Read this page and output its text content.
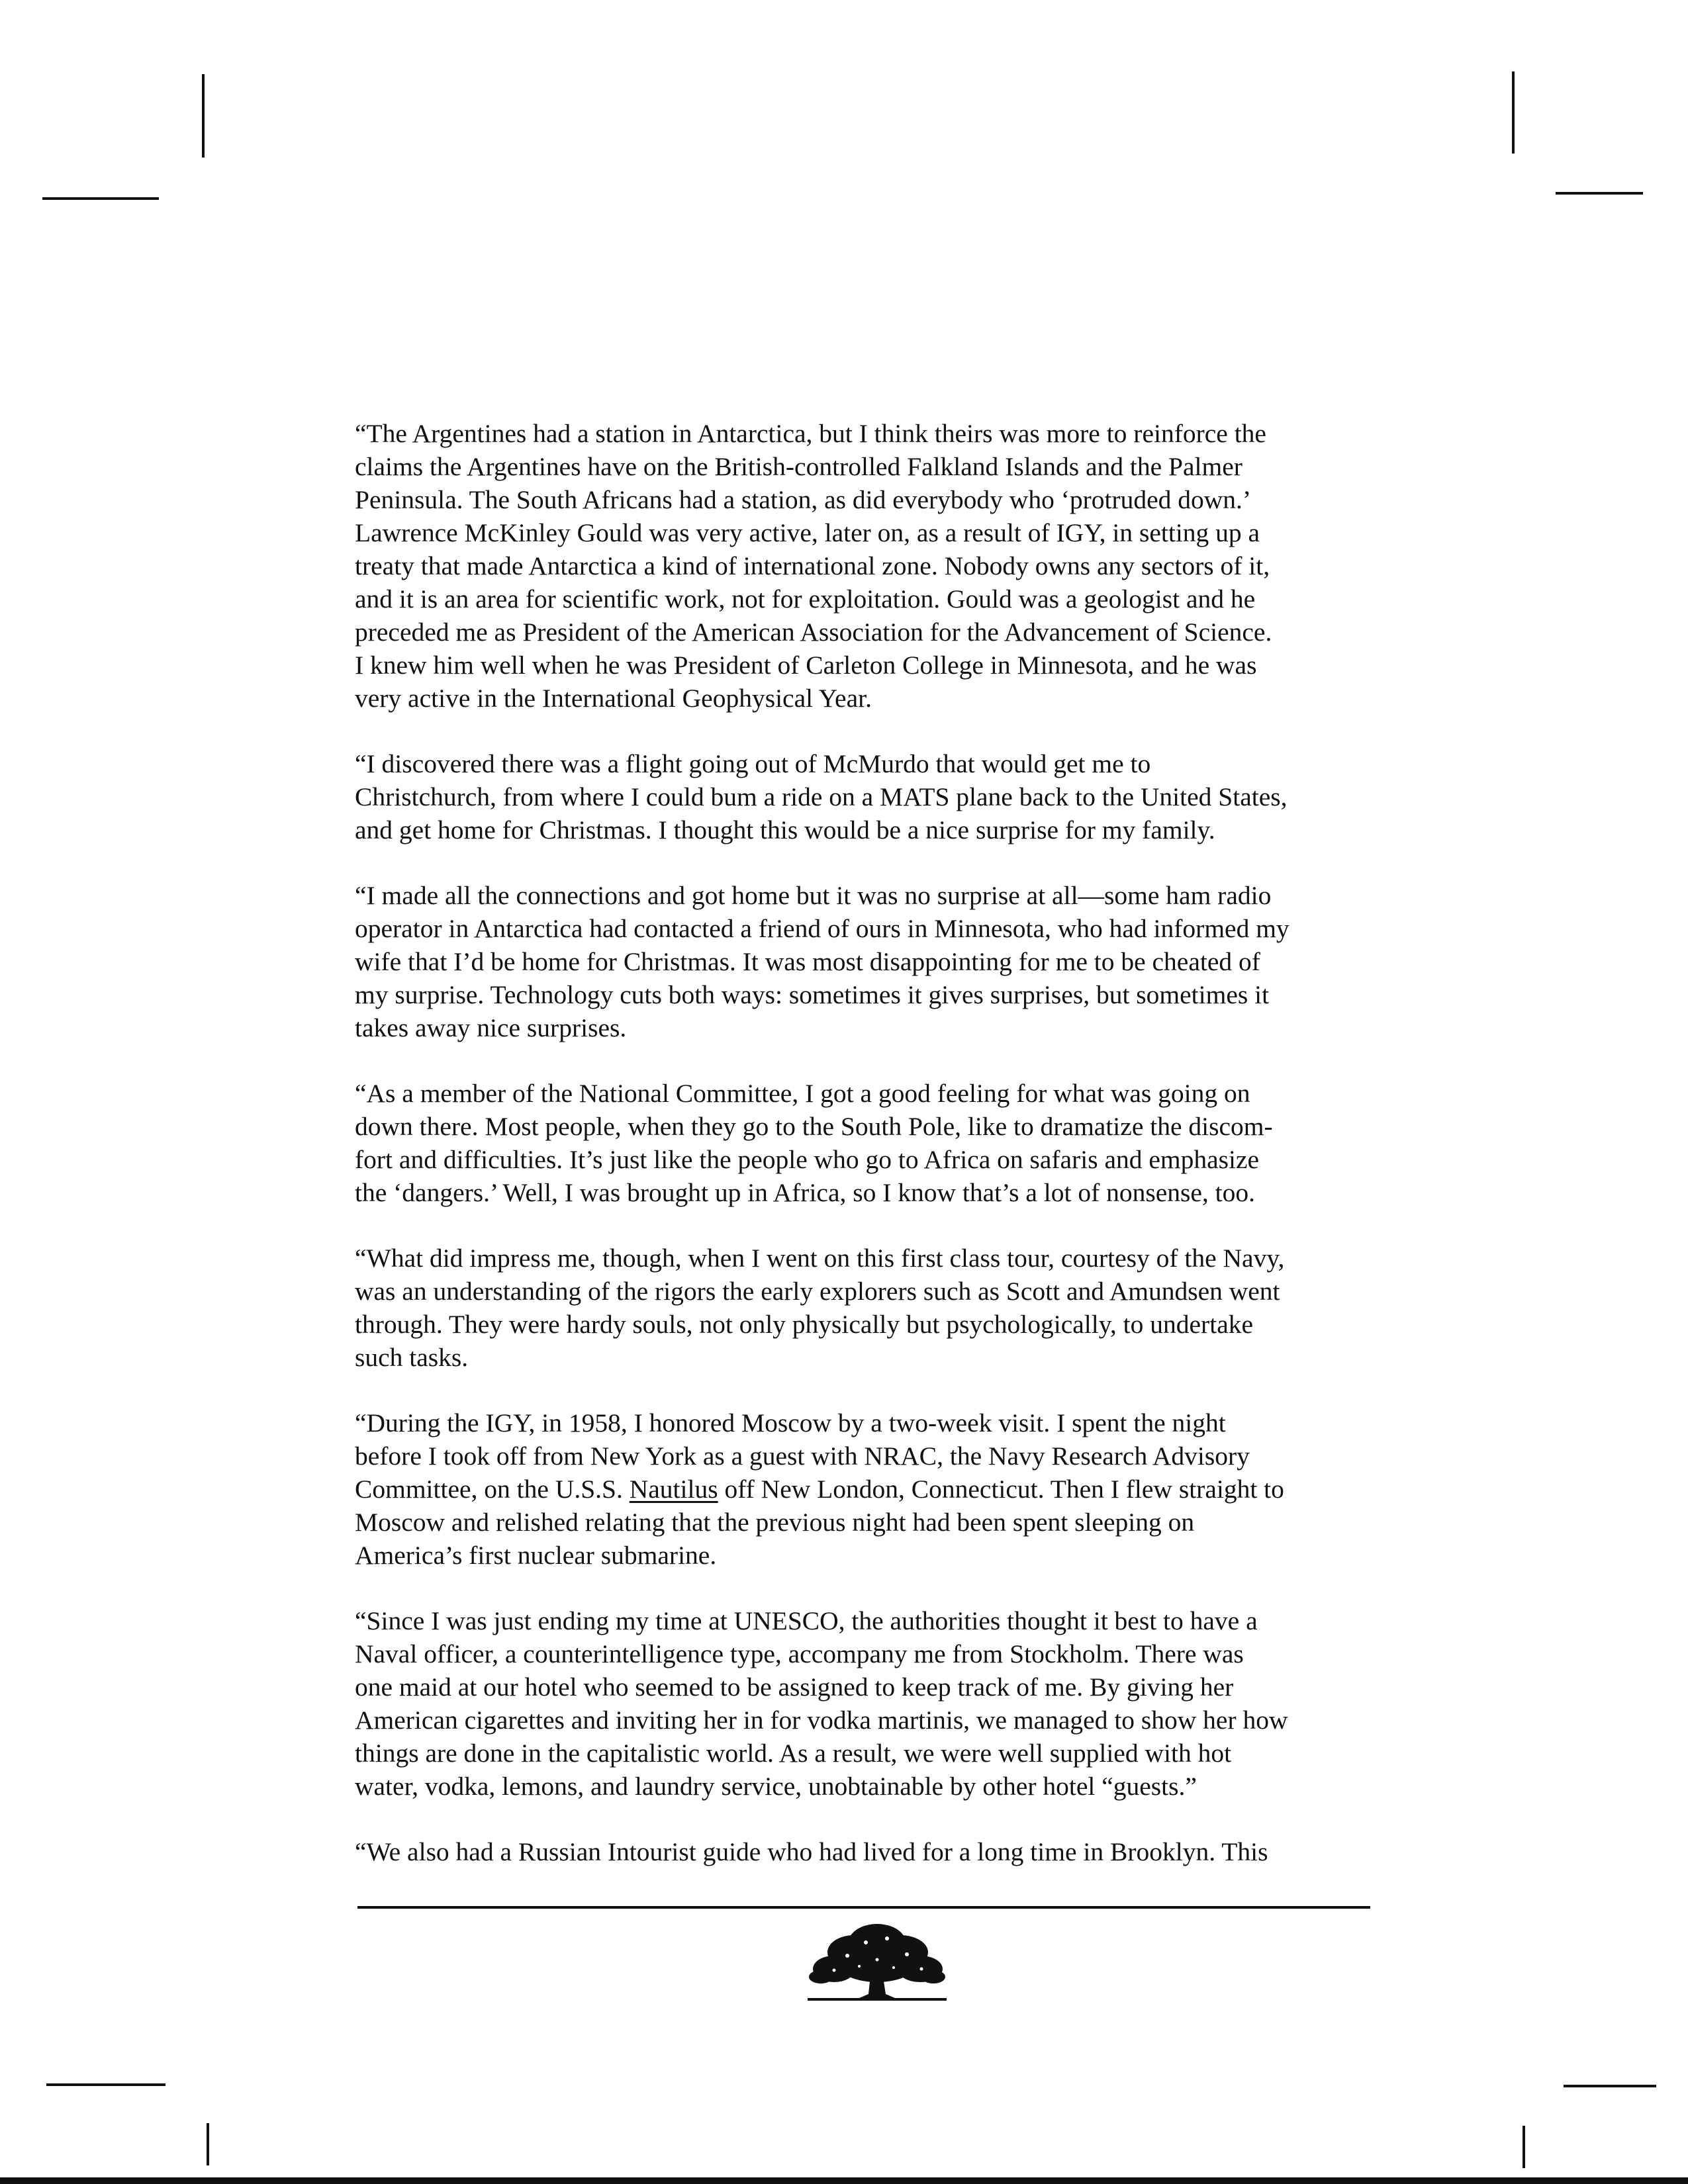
“The Argentines had a station in Antarctica, but I think theirs was more to reinforce the
claims the Argentines have on the British-controlled Falkland Islands and the Palmer
Peninsula. The South Africans had a station, as did everybody who ‘protruded down.’
Lawrence McKinley Gould was very active, later on, as a result of IGY, in setting up a
treaty that made Antarctica a kind of international zone. Nobody owns any sectors of it,
and it is an area for scientific work, not for exploitation. Gould was a geologist and he
preceded me as President of the American Association for the Advancement of Science.
I knew him well when he was President of Carleton College in Minnesota, and he was
very active in the International Geophysical Year.
“I discovered there was a flight going out of McMurdo that would get me to
Christchurch, from where I could bum a ride on a MATS plane back to the United States,
and get home for Christmas. I thought this would be a nice surprise for my family.
“I made all the connections and got home but it was no surprise at all—some ham radio
operator in Antarctica had contacted a friend of ours in Minnesota, who had informed my
wife that I’d be home for Christmas. It was most disappointing for me to be cheated of
my surprise. Technology cuts both ways: sometimes it gives surprises, but sometimes it
takes away nice surprises.
“As a member of the National Committee, I got a good feeling for what was going on
down there. Most people, when they go to the South Pole, like to dramatize the discom-
fort and difficulties. It’s just like the people who go to Africa on safaris and emphasize
the ‘dangers.’ Well, I was brought up in Africa, so I know that’s a lot of nonsense, too.
“What did impress me, though, when I went on this first class tour, courtesy of the Navy,
was an understanding of the rigors the early explorers such as Scott and Amundsen went
through. They were hardy souls, not only physically but psychologically, to undertake
such tasks.
“During the IGY, in 1958, I honored Moscow by a two-week visit. I spent the night
before I took off from New York as a guest with NRAC, the Navy Research Advisory
Committee, on the U.S.S. Nautilus off New London, Connecticut. Then I flew straight to
Moscow and relished relating that the previous night had been spent sleeping on
America’s first nuclear submarine.
“Since I was just ending my time at UNESCO, the authorities thought it best to have a
Naval officer, a counterintelligence type, accompany me from Stockholm. There was
one maid at our hotel who seemed to be assigned to keep track of me. By giving her
American cigarettes and inviting her in for vodka martinis, we managed to show her how
things are done in the capitalistic world. As a result, we were well supplied with hot
water, vodka, lemons, and laundry service, unobtainable by other hotel “guests.”
“We also had a Russian Intourist guide who had lived for a long time in Brooklyn. This
